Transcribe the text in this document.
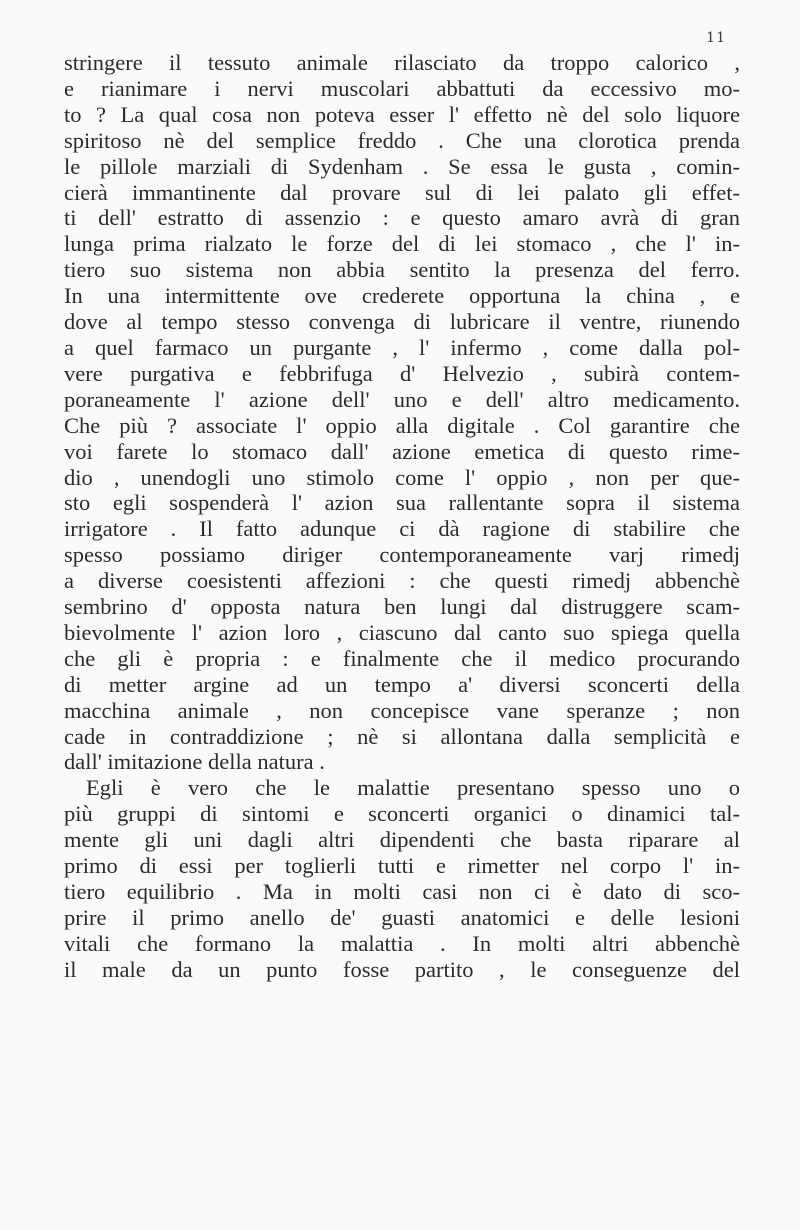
11
stringere il tessuto animale rilasciato da troppo calorico ,
e rianimare i nervi muscolari abbattuti da eccessivo mo-
to ? La qual cosa non poteva esser l' effetto nè del solo liquore
spiritoso nè del semplice freddo . Che una clorotica prenda
le pillole marziali di Sydenham . Se essa le gusta , comin-
cierà immantinente dal provare sul di lei palato gli effet-
ti dell' estratto di assenzio : e questo amaro avrà di gran
lunga prima rialzato le forze del di lei stomaco , che l' in-
tiero suo sistema non abbia sentito la presenza del ferro.
In una intermittente ove crederete opportuna la china , e
dove al tempo stesso convenga di lubricare il ventre, riunendo
a quel farmaco un purgante , l' infermo , come dalla pol-
vere purgativa e febbrifuga d' Helvezio , subirà contem-
poraneamente l' azione dell' uno e dell' altro medicamento.
Che più ? associate l' oppio alla digitale . Col garantire che
voi farete lo stomaco dall' azione emetica di questo rime-
dio , unendogli uno stimolo come l' oppio , non per que-
sto egli sospenderà l' azion sua rallentante sopra il sistema
irrigatore . Il fatto adunque ci dà ragione di stabilire che
spesso possiamo diriger contemporaneamente varj rimedj
a diverse coesistenti affezioni : che questi rimedj abbenchè
sembrino d' opposta natura ben lungi dal distruggere scam-
bievolmente l' azion loro , ciascuno dal canto suo spiega quella
che gli è propria : e finalmente che il medico procurando
di metter argine ad un tempo a' diversi sconcerti della
macchina animale , non concepisce vane speranze ; non
cade in contraddizione ; nè si allontana dalla semplicità e
dall' imitazione della natura .
Egli è vero che le malattie presentano spesso uno o
più gruppi di sintomi e sconcerti organici o dinamici tal-
mente gli uni dagli altri dipendenti che basta riparare al
primo di essi per toglierli tutti e rimetter nel corpo l' in-
tiero equilibrio . Ma in molti casi non ci è dato di sco-
prire il primo anello de' guasti anatomici e delle lesioni
vitali che formano la malattia . In molti altri abbenchè
il male da un punto fosse partito , le conseguenze del
